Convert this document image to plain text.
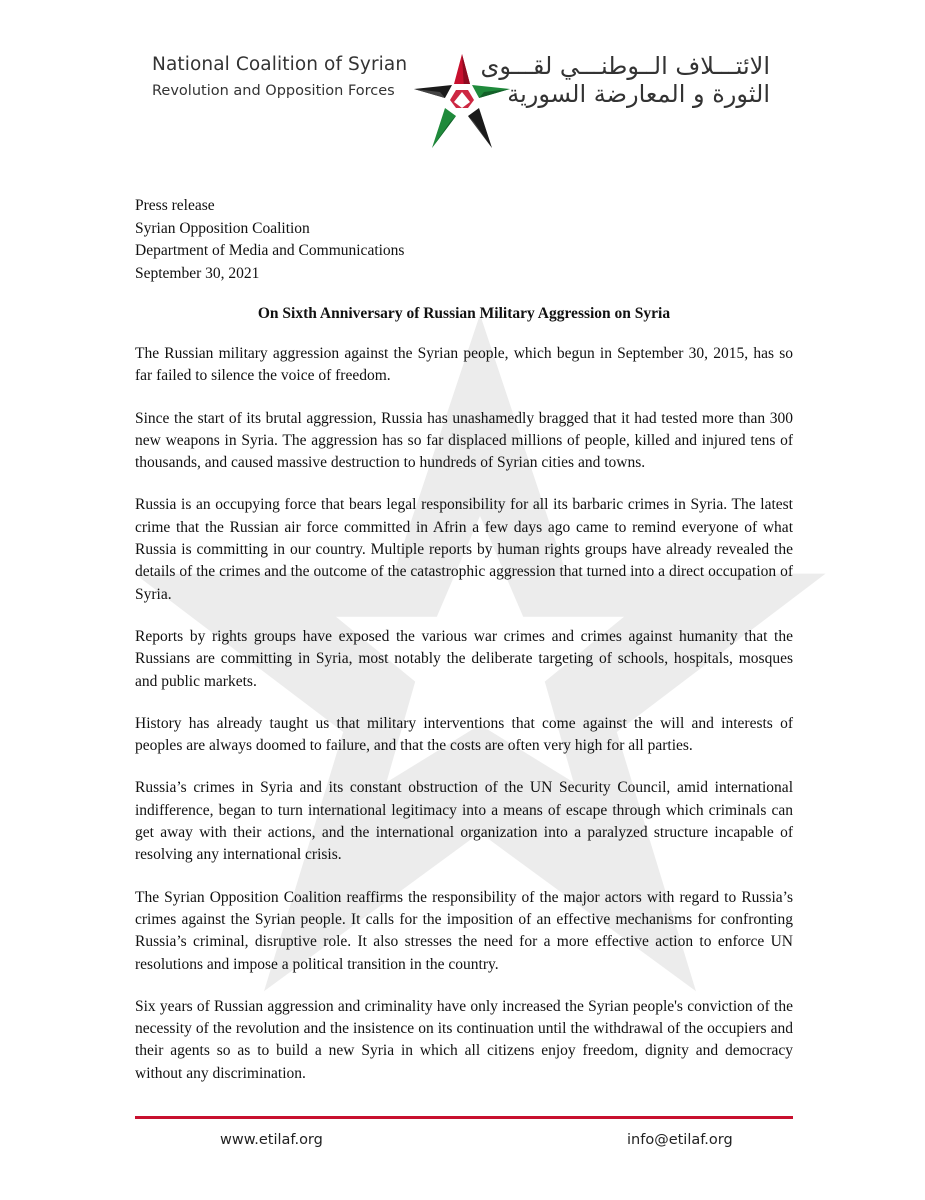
National Coalition of Syrian
Revolution and Opposition Forces
الائتـــلاف الــوطنـــي لقـــوى
الثورة و المعارضة السورية
Press release
Syrian Opposition Coalition
Department of Media and Communications
September 30, 2021
On Sixth Anniversary of Russian Military Aggression on Syria

The Russian military aggression against the Syrian people, which begun in September 30, 2015, has so far failed to silence the voice of freedom.

Since the start of its brutal aggression, Russia has unashamedly bragged that it had tested more than 300 new weapons in Syria. The aggression has so far displaced millions of people, killed and injured tens of thousands, and caused massive destruction to hundreds of Syrian cities and towns.

Russia is an occupying force that bears legal responsibility for all its barbaric crimes in Syria. The latest crime that the Russian air force committed in Afrin a few days ago came to remind everyone of what Russia is committing in our country. Multiple reports by human rights groups have already revealed the details of the crimes and the outcome of the catastrophic aggression that turned into a direct occupation of Syria.

Reports by rights groups have exposed the various war crimes and crimes against humanity that the Russians are committing in Syria, most notably the deliberate targeting of schools, hospitals, mosques and public markets.

History has already taught us that military interventions that come against the will and interests of peoples are always doomed to failure, and that the costs are often very high for all parties.

Russia’s crimes in Syria and its constant obstruction of the UN Security Council, amid international indifference, began to turn international legitimacy into a means of escape through which criminals can get away with their actions, and the international organization into a paralyzed structure incapable of resolving any international crisis.

The Syrian Opposition Coalition reaffirms the responsibility of the major actors with regard to Russia’s crimes against the Syrian people. It calls for the imposition of an effective mechanisms for confronting Russia’s criminal, disruptive role. It also stresses the need for a more effective action to enforce UN resolutions and impose a political transition in the country.

Six years of Russian aggression and criminality have only increased the Syrian people's conviction of the necessity of the revolution and the insistence on its continuation until the withdrawal of the occupiers and their agents so as to build a new Syria in which all citizens enjoy freedom, dignity and democracy without any discrimination.

www.etilaf.org	info@etilaf.org
